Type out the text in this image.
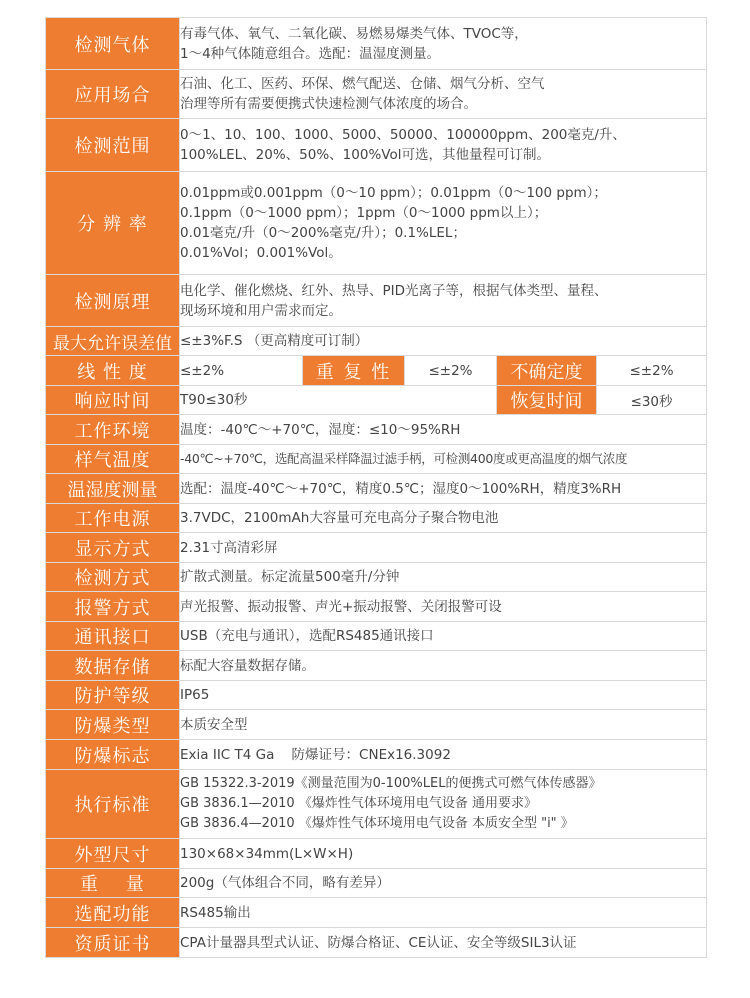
检测气体	有毒气体、氧气、二氧化碳、易燃易爆类气体、TVOC等，
1～4种气体随意组合。选配：温湿度测量。				

应用场合	石油、化工、医药、环保、燃气配送、仓储、烟气分析、空气
治理等所有需要便携式快速检测气体浓度的场合。				

检测范围	0～1、10、100、1000、5000、50000、100000ppm、200毫克/升、
100%LEL、20%、50%、100%Vol可选，其他量程可订制。				

分 辨 率	0.01ppm或0.001ppm（0～10 ppm）；0.01ppm（0～100 ppm）；
0.1ppm（0～1000 ppm）；1ppm（0～1000 ppm以上）；
0.01毫克/升（0～200%毫克/升）；0.1%LEL；
0.01%Vol；0.001%Vol。				

检测原理	电化学、催化燃烧、红外、热导、PID光离子等，根据气体类型、量程、
现场环境和用户需求而定。				

最大允许误差值	≤±3%F.S （更高精度可订制）				
线 性 度	≤±2%	重 复 性	≤±2%	不确定度	≤±2%
响应时间	T90≤30秒			恢复时间	≤30秒
工作环境	温度：-40℃～+70℃，湿度：≤10～95%RH				
样气温度	-40℃~+70℃，选配高温采样降温过滤手柄，可检测400度或更高温度的烟气浓度				
温湿度测量	选配：温度-40℃～+70℃，精度0.5℃；湿度0～100%RH，精度3%RH				
工作电源	3.7VDC，2100mAh大容量可充电高分子聚合物电池				
显示方式	2.31寸高清彩屏				
检测方式	扩散式测量。标定流量500毫升/分钟				
报警方式	声光报警、振动报警、声光+振动报警、关闭报警可设				
通讯接口	USB（充电与通讯），选配RS485通讯接口				
数据存储	标配大容量数据存储。				
防护等级	IP65				
防爆类型	本质安全型				
防爆标志	Exia IIC T4 Ga    防爆证号：CNEx16.3092				
执行标准	GB 15322.3-2019《测量范围为0-100%LEL的便携式可燃气体传感器》
GB 3836.1—2010 《爆炸性气体环境用电气设备 通用要求》
GB 3836.4—2010 《爆炸性气体环境用电气设备 本质安全型 "i" 》				

外型尺寸	130×68×34mm(L×W×H)				
重    量	200g（气体组合不同，略有差异）				
选配功能	RS485输出				
资质证书	CPA计量器具型式认证、防爆合格证、CE认证、安全等级SIL3认证				
